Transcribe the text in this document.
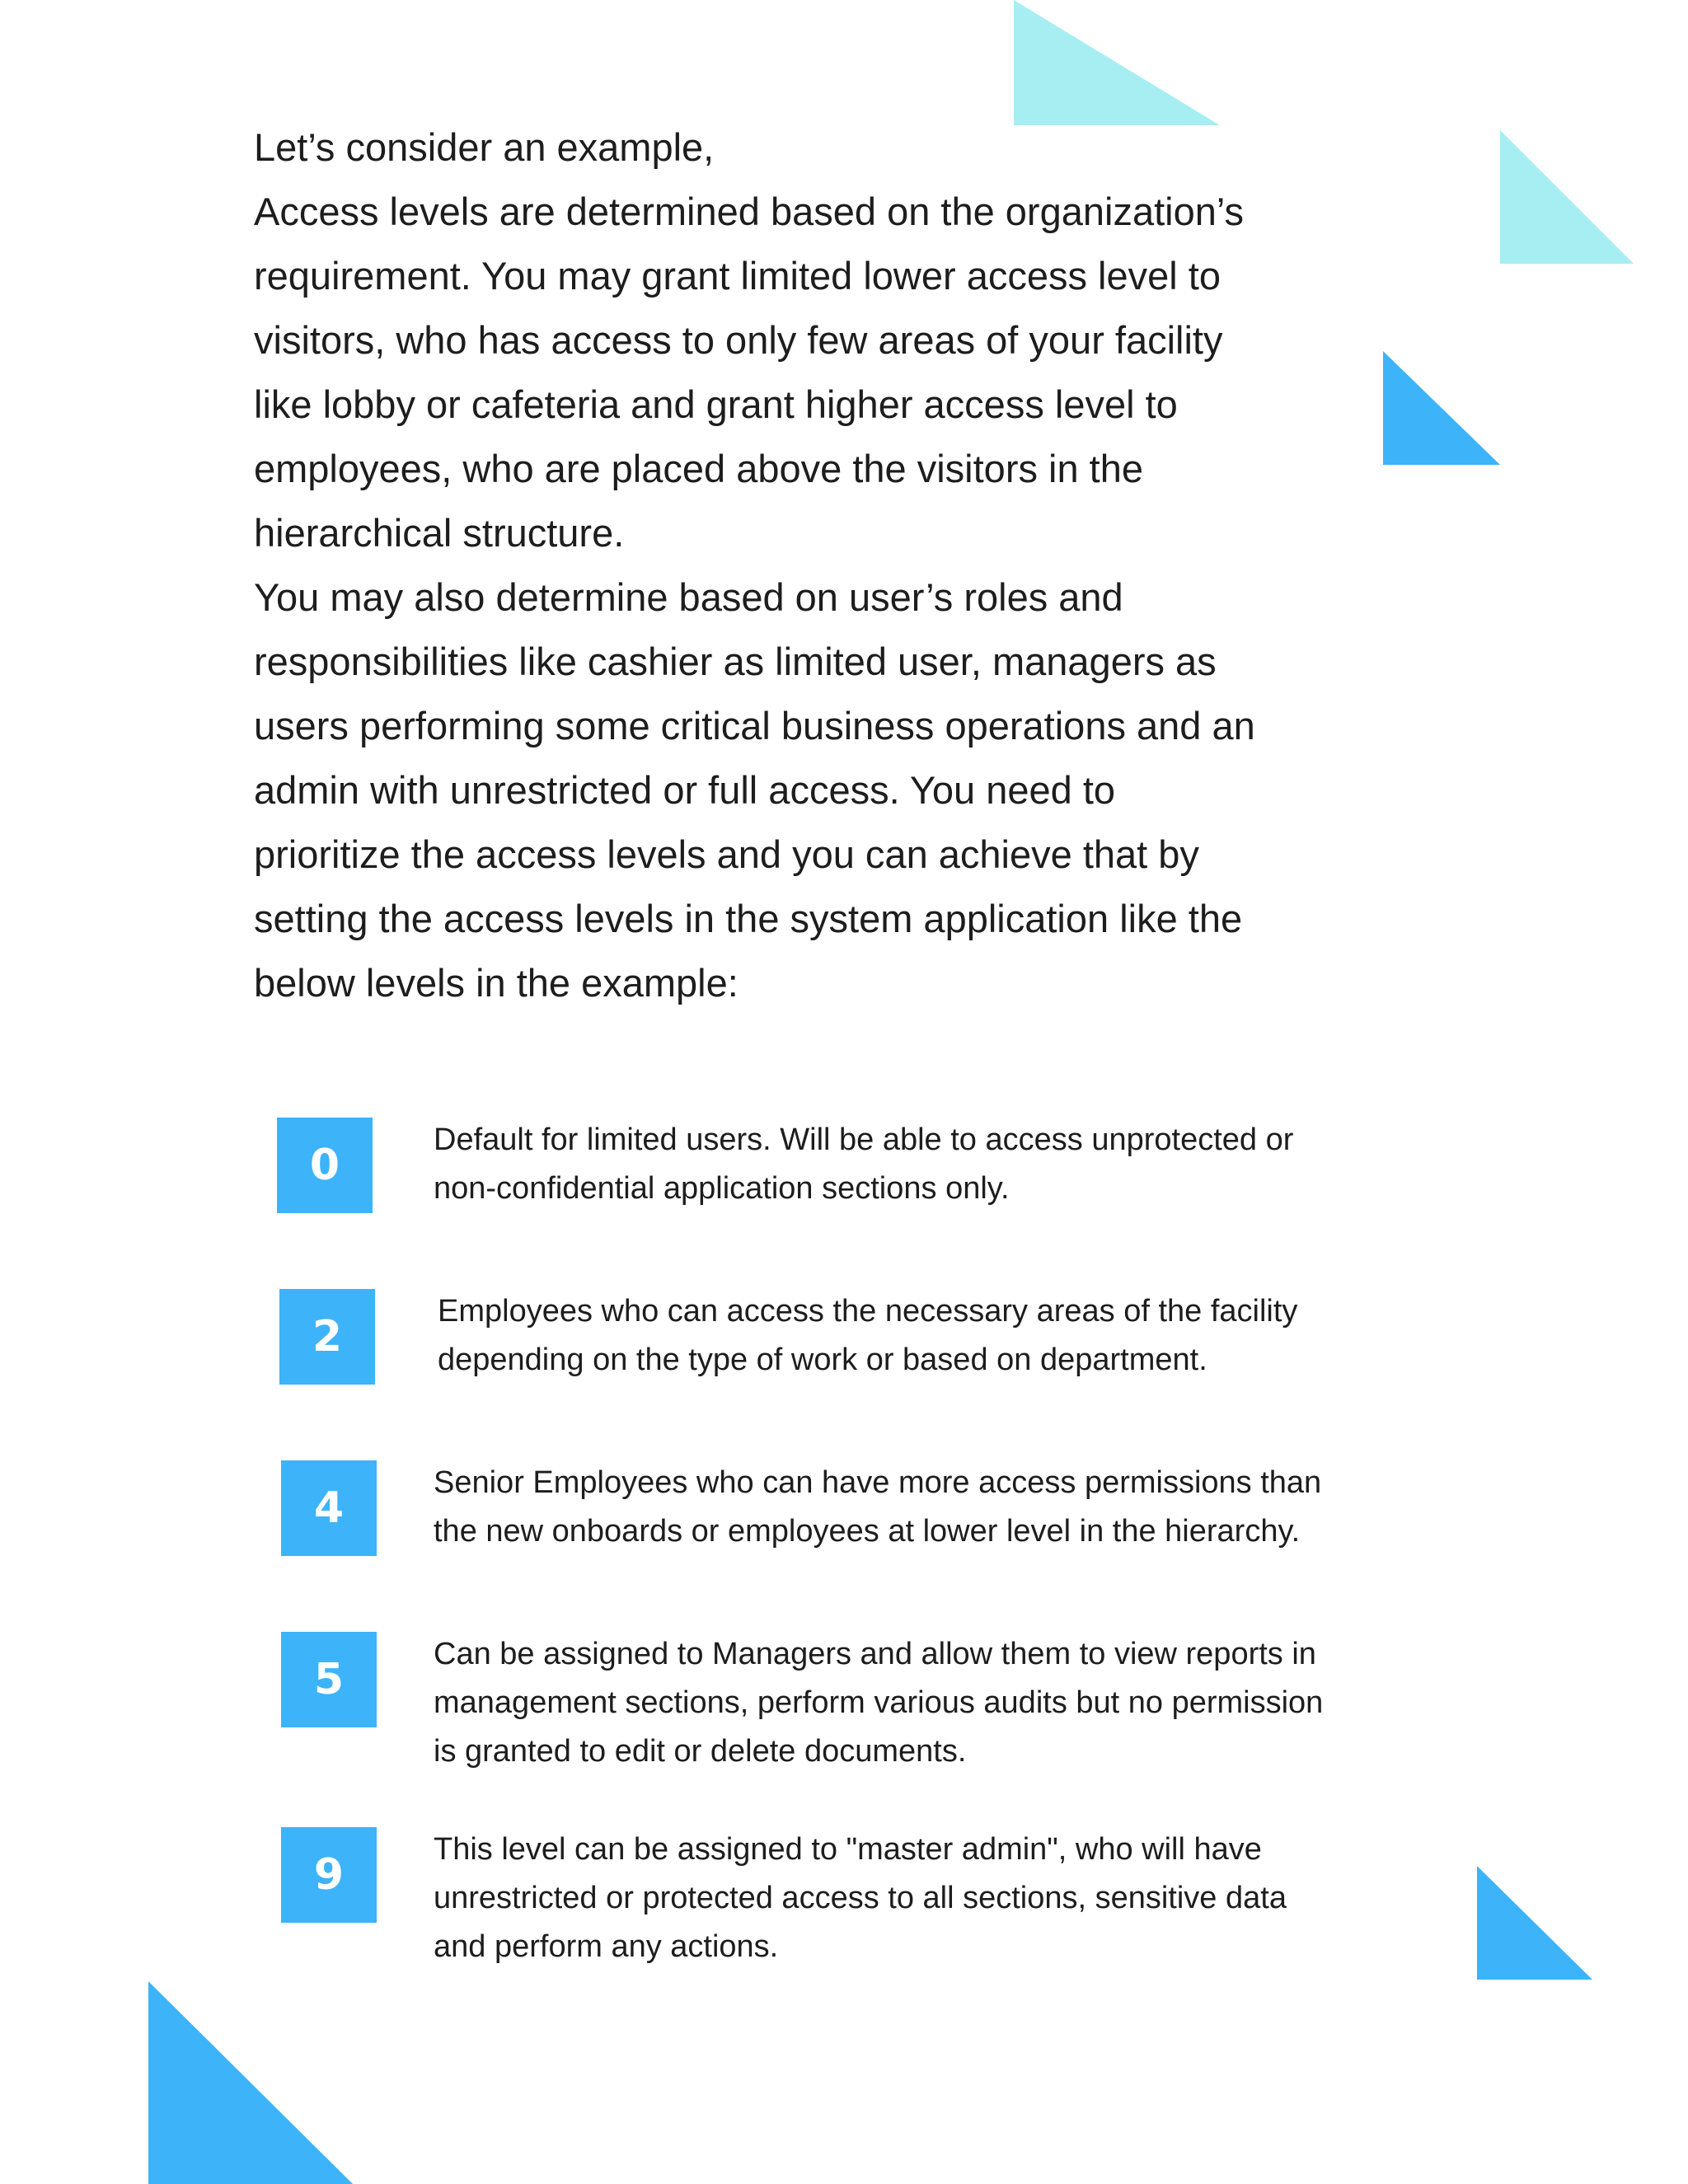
Let’s consider an example,

Access levels are determined based on the organization’s
requirement. You may grant limited lower access level to
visitors, who has access to only few areas of your facility
like lobby or cafeteria and grant higher access level to
employees, who are placed above the visitors in the
hierarchical structure.

You may also determine based on user’s roles and
responsibilities like cashier as limited user, managers as
users performing some critical business operations and an
admin with unrestricted or full access. You need to
prioritize the access levels and you can achieve that by
setting the access levels in the system application like the
below levels in the example:

0
Default for limited users. Will be able to access unprotected or
non-confidential application sections only.
2
Employees who can access the necessary areas of the facility
depending on the type of work or based on department.
4
Senior Employees who can have more access permissions than
the new onboards or employees at lower level in the hierarchy.
5
Can be assigned to Managers and allow them to view reports in
management sections, perform various audits but no permission
is granted to edit or delete documents.
9
This level can be assigned to "master admin", who will have
unrestricted or protected access to all sections, sensitive data
and perform any actions.
